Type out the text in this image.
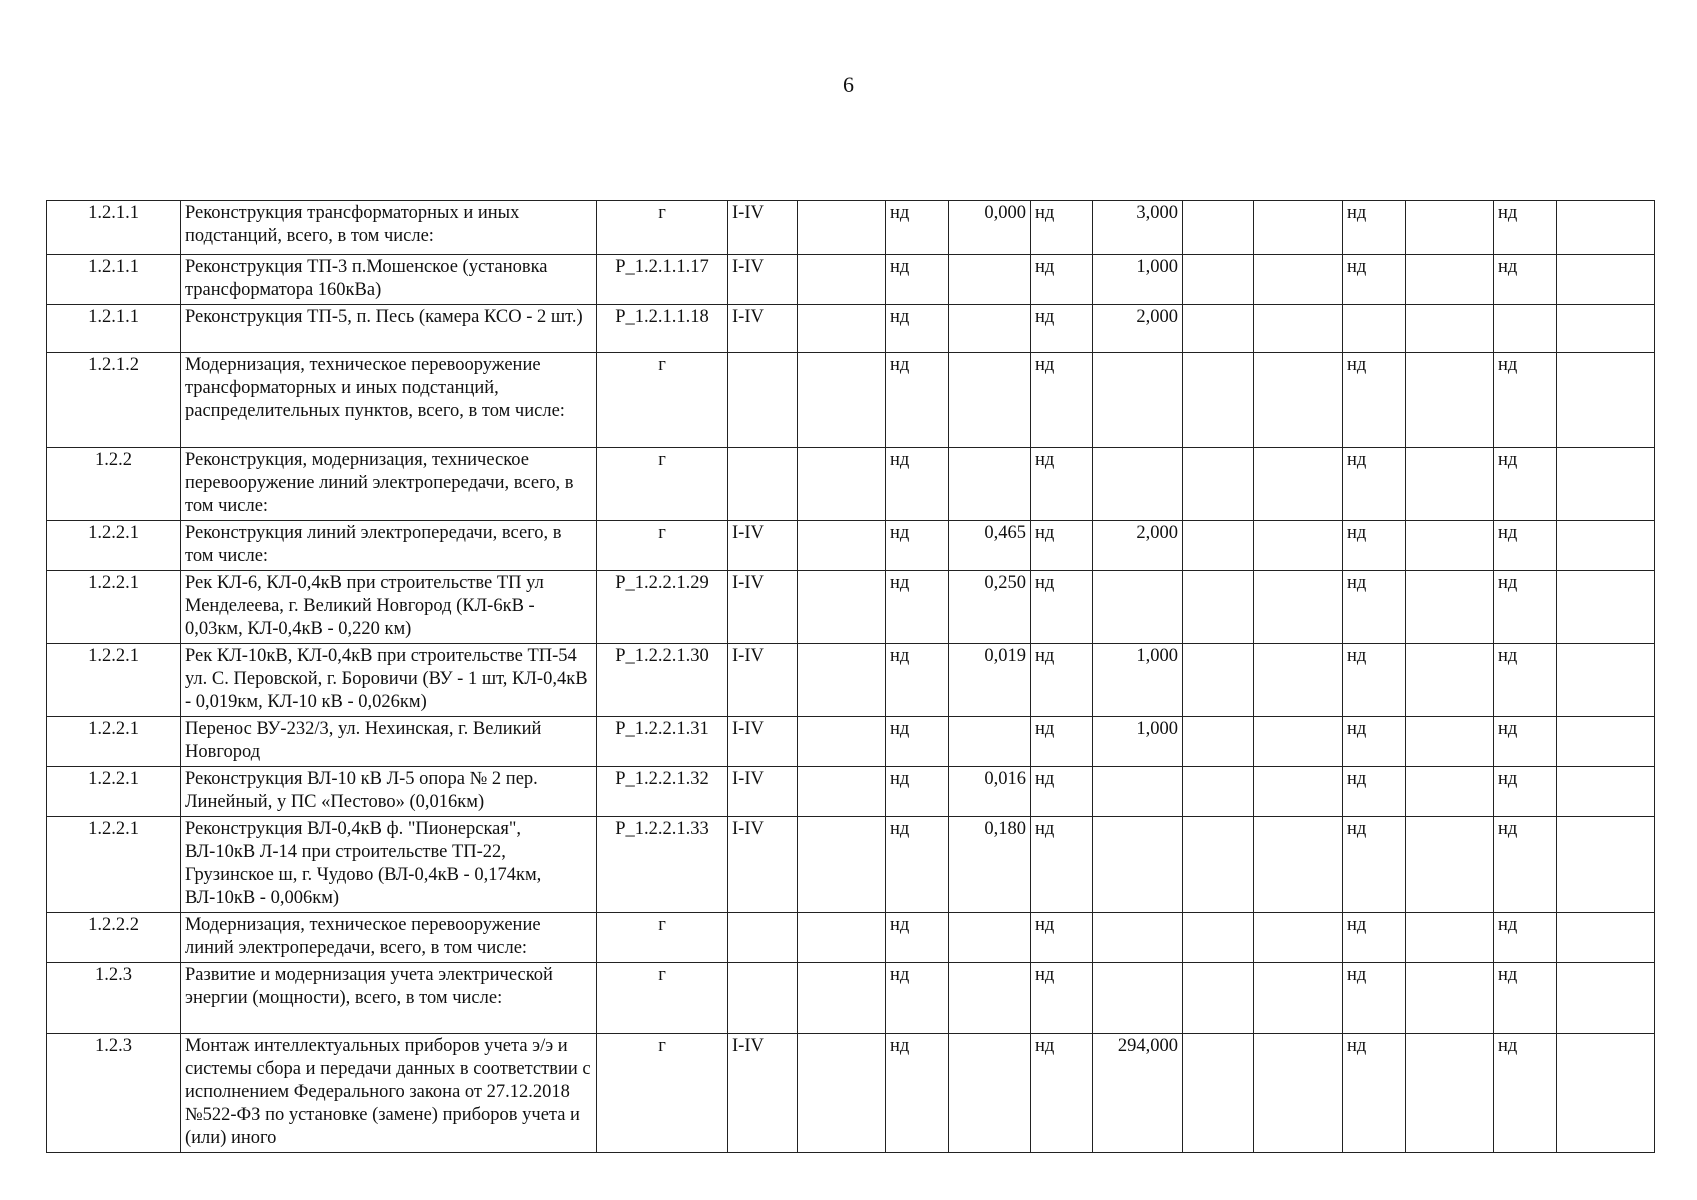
6
1.2.1.1	Реконструкция трансформаторных и иных подстанций, всего, в том числе:	г	I-IV		нд	0,000	нд	3,000			нд		нд	
1.2.1.1	Реконструкция ТП-3 п.Мошенское (установка трансформатора 160кВа)	P_1.2.1.1.17	I-IV		нд		нд	1,000			нд		нд	
1.2.1.1	Реконструкция ТП-5, п. Песь (камера КСО - 2 шт.)	P_1.2.1.1.18	I-IV		нд		нд	2,000						
1.2.1.2	Модернизация, техническое перевооружение трансформаторных и иных подстанций, распределительных пунктов, всего, в том числе:	г			нд		нд				нд		нд	
1.2.2	Реконструкция, модернизация, техническое перевооружение линий электропередачи, всего, в том числе:	г			нд		нд				нд		нд	
1.2.2.1	Реконструкция линий электропередачи, всего, в том числе:	г	I-IV		нд	0,465	нд	2,000			нд		нд	
1.2.2.1	Рек КЛ-6, КЛ-0,4кВ при строительстве ТП ул Менделеева, г. Великий Новгород (КЛ-6кВ - 0,03км, КЛ-0,4кВ - 0,220 км)	P_1.2.2.1.29	I-IV		нд	0,250	нд				нд		нд	
1.2.2.1	Рек КЛ-10кВ, КЛ-0,4кВ при строительстве ТП-54 ул. С. Перовской, г. Боровичи (ВУ - 1 шт, КЛ-0,4кВ - 0,019км, КЛ-10 кВ - 0,026км)	P_1.2.2.1.30	I-IV		нд	0,019	нд	1,000			нд		нд	
1.2.2.1	Перенос ВУ-232/3, ул. Нехинская, г. Великий Новгород	P_1.2.2.1.31	I-IV		нд		нд	1,000			нд		нд	
1.2.2.1	Реконструкция ВЛ-10 кВ Л-5 опора № 2 пер. Линейный, у ПС «Пестово» (0,016км)	P_1.2.2.1.32	I-IV		нд	0,016	нд				нд		нд	
1.2.2.1	Реконструкция ВЛ-0,4кВ ф. "Пионерская", ВЛ-10кВ Л-14 при строительстве ТП-22, Грузинское ш, г. Чудово (ВЛ-0,4кВ - 0,174км, ВЛ-10кВ - 0,006км)	P_1.2.2.1.33	I-IV		нд	0,180	нд				нд		нд	
1.2.2.2	Модернизация, техническое перевооружение линий электропередачи, всего, в том числе:	г			нд		нд				нд		нд	
1.2.3	Развитие и модернизация учета электрической энергии (мощности), всего, в том числе:	г			нд		нд				нд		нд	
1.2.3	Монтаж интеллектуальных приборов учета э/э и системы сбора и передачи данных в соответствии с исполнением Федерального закона от 27.12.2018 №522-ФЗ по установке (замене) приборов учета и (или) иного	г	I-IV		нд		нд	294,000			нд		нд	
